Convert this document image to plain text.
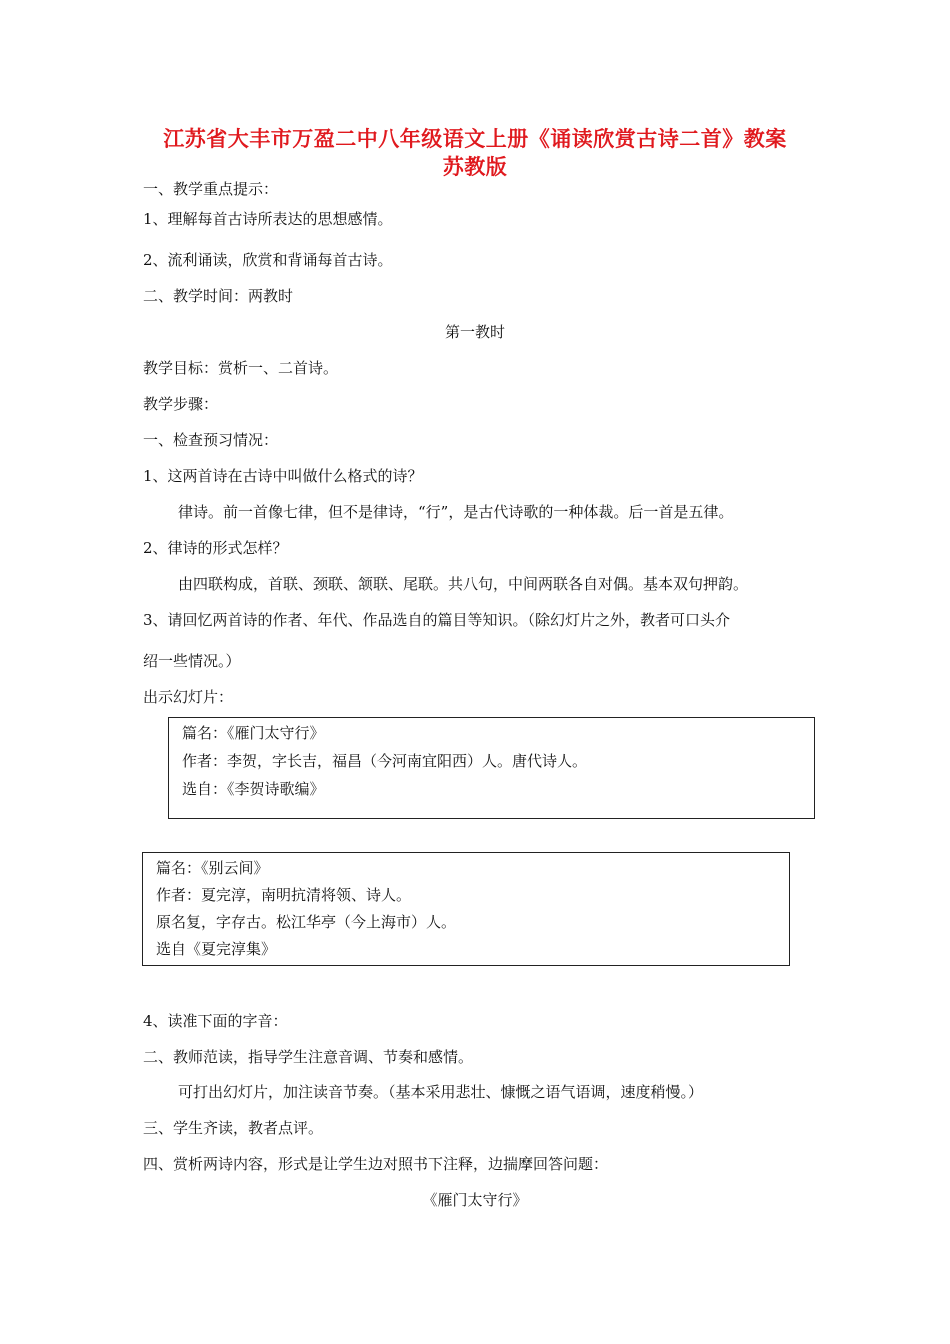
江苏省大丰市万盈二中八年级语文上册《诵读欣赏古诗二首》教案
苏教版
一、教学重点提示：
1、理解每首古诗所表达的思想感情。
2、流利诵读，欣赏和背诵每首古诗。
二、教学时间：两教时
第一教时
教学目标：赏析一、二首诗。
教学步骤：
一、检查预习情况：
1、这两首诗在古诗中叫做什么格式的诗？
律诗。前一首像七律，但不是律诗，“行”，是古代诗歌的一种体裁。后一首是五律。
2、律诗的形式怎样？
由四联构成，首联、颈联、颔联、尾联。共八句，中间两联各自对偶。基本双句押韵。
3、请回忆两首诗的作者、年代、作品选自的篇目等知识。（除幻灯片之外，教者可口头介
绍一些情况。）
出示幻灯片：
篇名：《雁门太守行》
作者：李贺，字长吉，福昌（今河南宜阳西）人。唐代诗人。
选自：《李贺诗歌编》
篇名：《别云间》
作者：夏完淳，南明抗清将领、诗人。
原名复，字存古。松江华亭（今上海市）人。
选自《夏完淳集》
4、读准下面的字音：
二、教师范读，指导学生注意音调、节奏和感情。
可打出幻灯片，加注读音节奏。（基本采用悲壮、慷慨之语气语调，速度稍慢。）
三、学生齐读，教者点评。
四、赏析两诗内容，形式是让学生边对照书下注释，边揣摩回答问题：
《雁门太守行》
